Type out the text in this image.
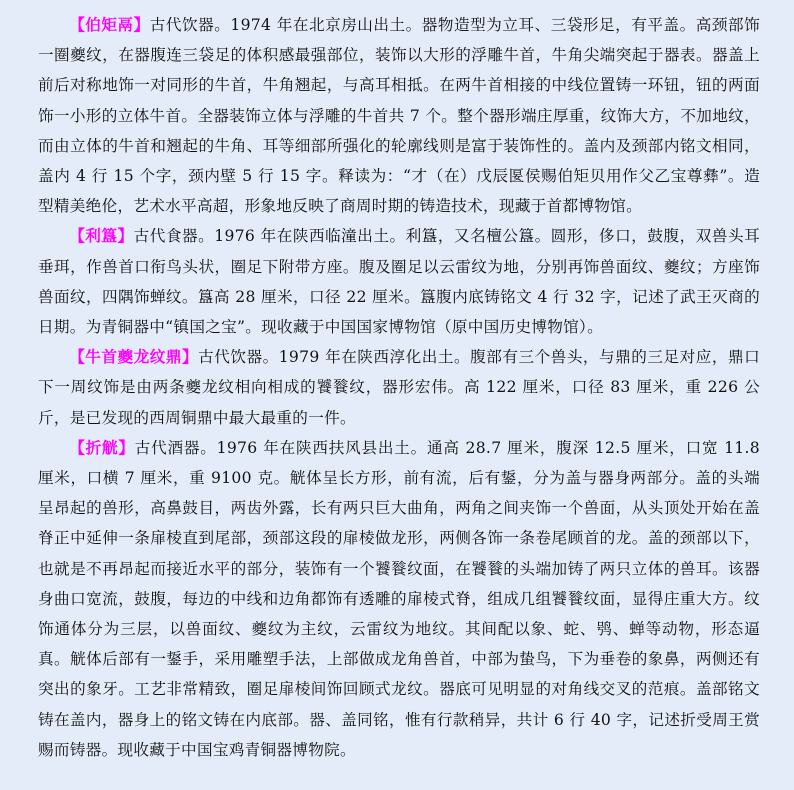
【伯矩鬲】古代饮器。1974 年在北京房山出土。器物造型为立耳、三袋形足，有平盖。高颈部饰一圈夔纹，在器腹连三袋足的体积感最强部位，装饰以大形的浮雕牛首，牛角尖端突起于器表。器盖上前后对称地饰一对同形的牛首，牛角翘起，与高耳相抵。在两牛首相接的中线位置铸一环钮，钮的两面饰一小形的立体牛首。全器装饰立体与浮雕的牛首共 7 个。整个器形端庄厚重，纹饰大方，不加地纹，而由立体的牛首和翘起的牛角、耳等细部所强化的轮廓线则是富于装饰性的。盖内及颈部内铭文相同，盖内 4 行 15 个字，颈内壁 5 行 15 字。释读为：“才（在）戊辰匽侯赐伯矩贝用作父乙宝尊彝”。造型精美绝伦，艺术水平高超，形象地反映了商周时期的铸造技术，现藏于首都博物馆。

【利簋】古代食器。1976 年在陕西临潼出土。利簋，又名檀公簋。圆形，侈口，鼓腹，双兽头耳垂珥，作兽首口衔鸟头状，圈足下附带方座。腹及圈足以云雷纹为地，分别再饰兽面纹、夔纹；方座饰兽面纹，四隅饰蝉纹。簋高 28 厘米，口径 22 厘米。簋腹内底铸铭文 4 行 32 字，记述了武王灭商的日期。为青铜器中“镇国之宝”。现收藏于中国国家博物馆（原中国历史博物馆）。

【牛首夔龙纹鼎】古代饮器。1979 年在陕西淳化出土。腹部有三个兽头，与鼎的三足对应，鼎口下一周纹饰是由两条夔龙纹相向相成的饕餮纹，器形宏伟。高 122 厘米，口径 83 厘米，重 226 公斤，是已发现的西周铜鼎中最大最重的一件。

【折觥】古代酒器。1976 年在陕西扶风县出土。通高 28.7 厘米，腹深 12.5 厘米，口宽 11.8 厘米，口横 7 厘米，重 9100 克。觥体呈长方形，前有流，后有鋬，分为盖与器身两部分。盖的头端呈昂起的兽形，高鼻鼓目，两齿外露，长有两只巨大曲角，两角之间夹饰一个兽面，从头顶处开始在盖脊正中延伸一条扉棱直到尾部，颈部这段的扉棱做龙形，两侧各饰一条卷尾顾首的龙。盖的颈部以下，也就是不再昂起而接近水平的部分，装饰有一个饕餮纹面，在饕餮的头端加铸了两只立体的兽耳。该器身曲口宽流，鼓腹，每边的中线和边角都饰有透雕的扉棱式脊，组成几组饕餮纹面，显得庄重大方。纹饰通体分为三层，以兽面纹、夔纹为主纹，云雷纹为地纹。其间配以象、蛇、鸮、蝉等动物，形态逼真。觥体后部有一鋬手，采用雕塑手法，上部做成龙角兽首，中部为蛰鸟，下为垂卷的象鼻，两侧还有突出的象牙。工艺非常精致，圈足扉棱间饰回顾式龙纹。器底可见明显的对角线交叉的范痕。盖部铭文铸在盖内，器身上的铭文铸在内底部。器、盖同铭，惟有行款稍异，共计 6 行 40 字，记述折受周王赏赐而铸器。现收藏于中国宝鸡青铜器博物院。
